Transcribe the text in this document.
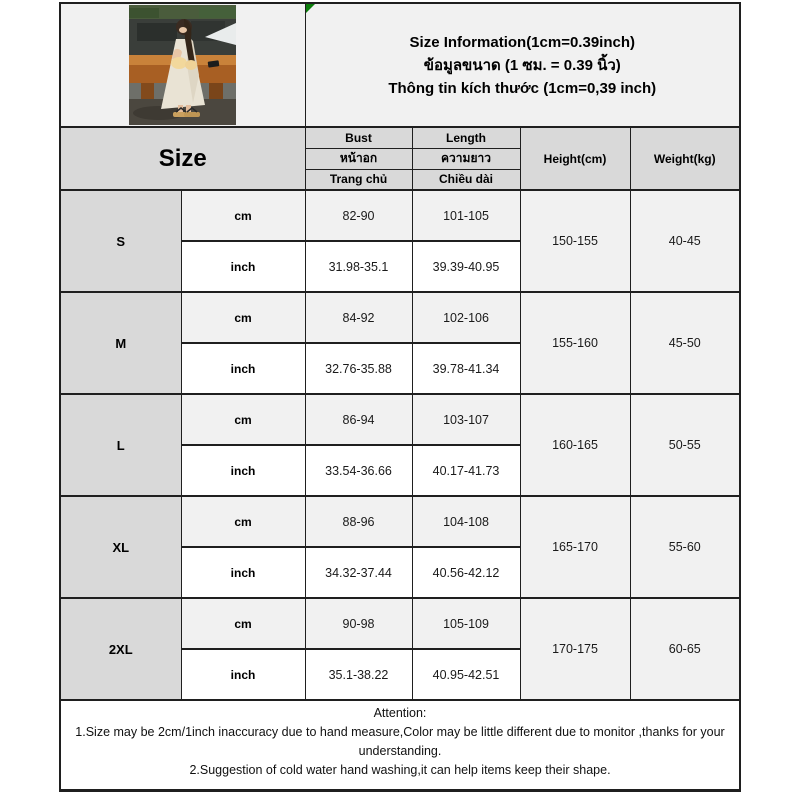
Size Information(1cm=0.39inch)
ข้อมูลขนาด (1 ซม. = 0.39 นิ้ว)
Thông tin kích thước (1cm=0,39 inch)			

Size		Bust	Length	Height(cm)	Weight(kg)
		หน้าอก	ความยาว		
		Trang chủ	Chiều dài		
S	cm	82-90	101-105	150-155	40-45
	inch	31.98-35.1	39.39-40.95		
M	cm	84-92	102-106	155-160	45-50
	inch	32.76-35.88	39.78-41.34		
L	cm	86-94	103-107	160-165	50-55
	inch	33.54-36.66	40.17-41.73		
XL	cm	88-96	104-108	165-170	55-60
	inch	34.32-37.44	40.56-42.12		
2XL	cm	90-98	105-109	170-175	60-65
	inch	35.1-38.22	40.95-42.51		

Attention:
1.Size may be 2cm/1inch inaccuracy due to hand measure,Color may be little different due to monitor ,thanks for your understanding.
2.Suggestion of cold water hand washing,it can help items keep their shape.					
